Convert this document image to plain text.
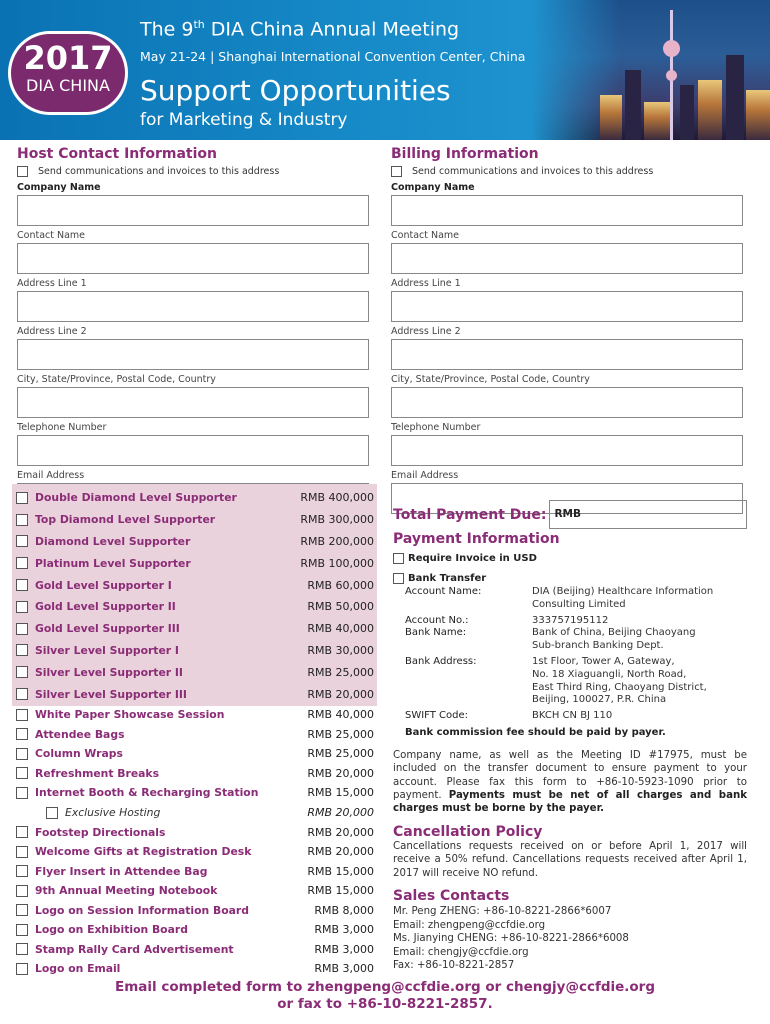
2017
DIA CHINA
The 9th DIA China Annual Meeting
May 21-24 | Shanghai International Convention Center, China
Support Opportunities
for Marketing & Industry
Host Contact Information
Send communications and invoices to this address
Company Name
Contact Name
Address Line 1
Address Line 2
City, State/Province, Postal Code, Country
Telephone Number
Email Address
Billing Information
Send communications and invoices to this address
Company Name
Contact Name
Address Line 1
Address Line 2
City, State/Province, Postal Code, Country
Telephone Number
Email Address
Double Diamond Level Supporter	RMB 400,000
Top Diamond Level Supporter	RMB 300,000
Diamond Level Supporter	RMB 200,000
Platinum Level Supporter	RMB 100,000
Gold Level Supporter I	RMB 60,000
Gold Level Supporter II	RMB 50,000
Gold Level Supporter III	RMB 40,000
Silver Level Supporter I	RMB 30,000
Silver Level Supporter II	RMB 25,000
Silver Level Supporter III	RMB 20,000
White Paper Showcase Session	RMB 40,000
Attendee Bags	RMB 25,000
Column Wraps	RMB 25,000
Refreshment Breaks	RMB 20,000
Internet Booth & Recharging Station	RMB 15,000
Exclusive Hosting	RMB 20,000
Footstep Directionals	RMB 20,000
Welcome Gifts at Registration Desk	RMB 20,000
Flyer Insert in Attendee Bag	RMB 15,000
9th Annual Meeting Notebook	RMB 15,000
Logo on Session Information Board	RMB 8,000
Logo on Exhibition Board	RMB 3,000
Stamp Rally Card Advertisement	RMB 3,000
Logo on Email	RMB 3,000
Total Payment Due: RMB
Payment Information
Require Invoice in USD
Bank Transfer
Account Name:	DIA (Beijing) Healthcare Information
Consulting Limited
Account No.:	333757195112
Bank Name:	Bank of China, Beijing Chaoyang
Sub-branch Banking Dept.
Bank Address:	1st Floor, Tower A, Gateway,
No. 18 Xiaguangli, North Road,
East Third Ring, Chaoyang District,
Beijing, 100027, P.R. China
SWIFT Code:	BKCH CN BJ 110
Bank commission fee should be paid by payer.
Company name, as well as the Meeting ID #17975, must be included on the transfer document to ensure payment to your account. Please fax this form to +86-10-5923-1090 prior to payment. Payments must be net of all charges and bank charges must be borne by the payer.
Cancellation Policy
Cancellations requests received on or before April 1, 2017 will receive a 50% refund. Cancellations requests received after April 1, 2017 will receive NO refund.
Sales Contacts
Mr. Peng ZHENG: +86-10-8221-2866*6007
Email: zhengpeng@ccfdie.org
Ms. Jianying CHENG: +86-10-8221-2866*6008
Email: chengjy@ccfdie.org
Fax: +86-10-8221-2857
Email completed form to zhengpeng@ccfdie.org or chengjy@ccfdie.org
or fax to +86-10-8221-2857.
